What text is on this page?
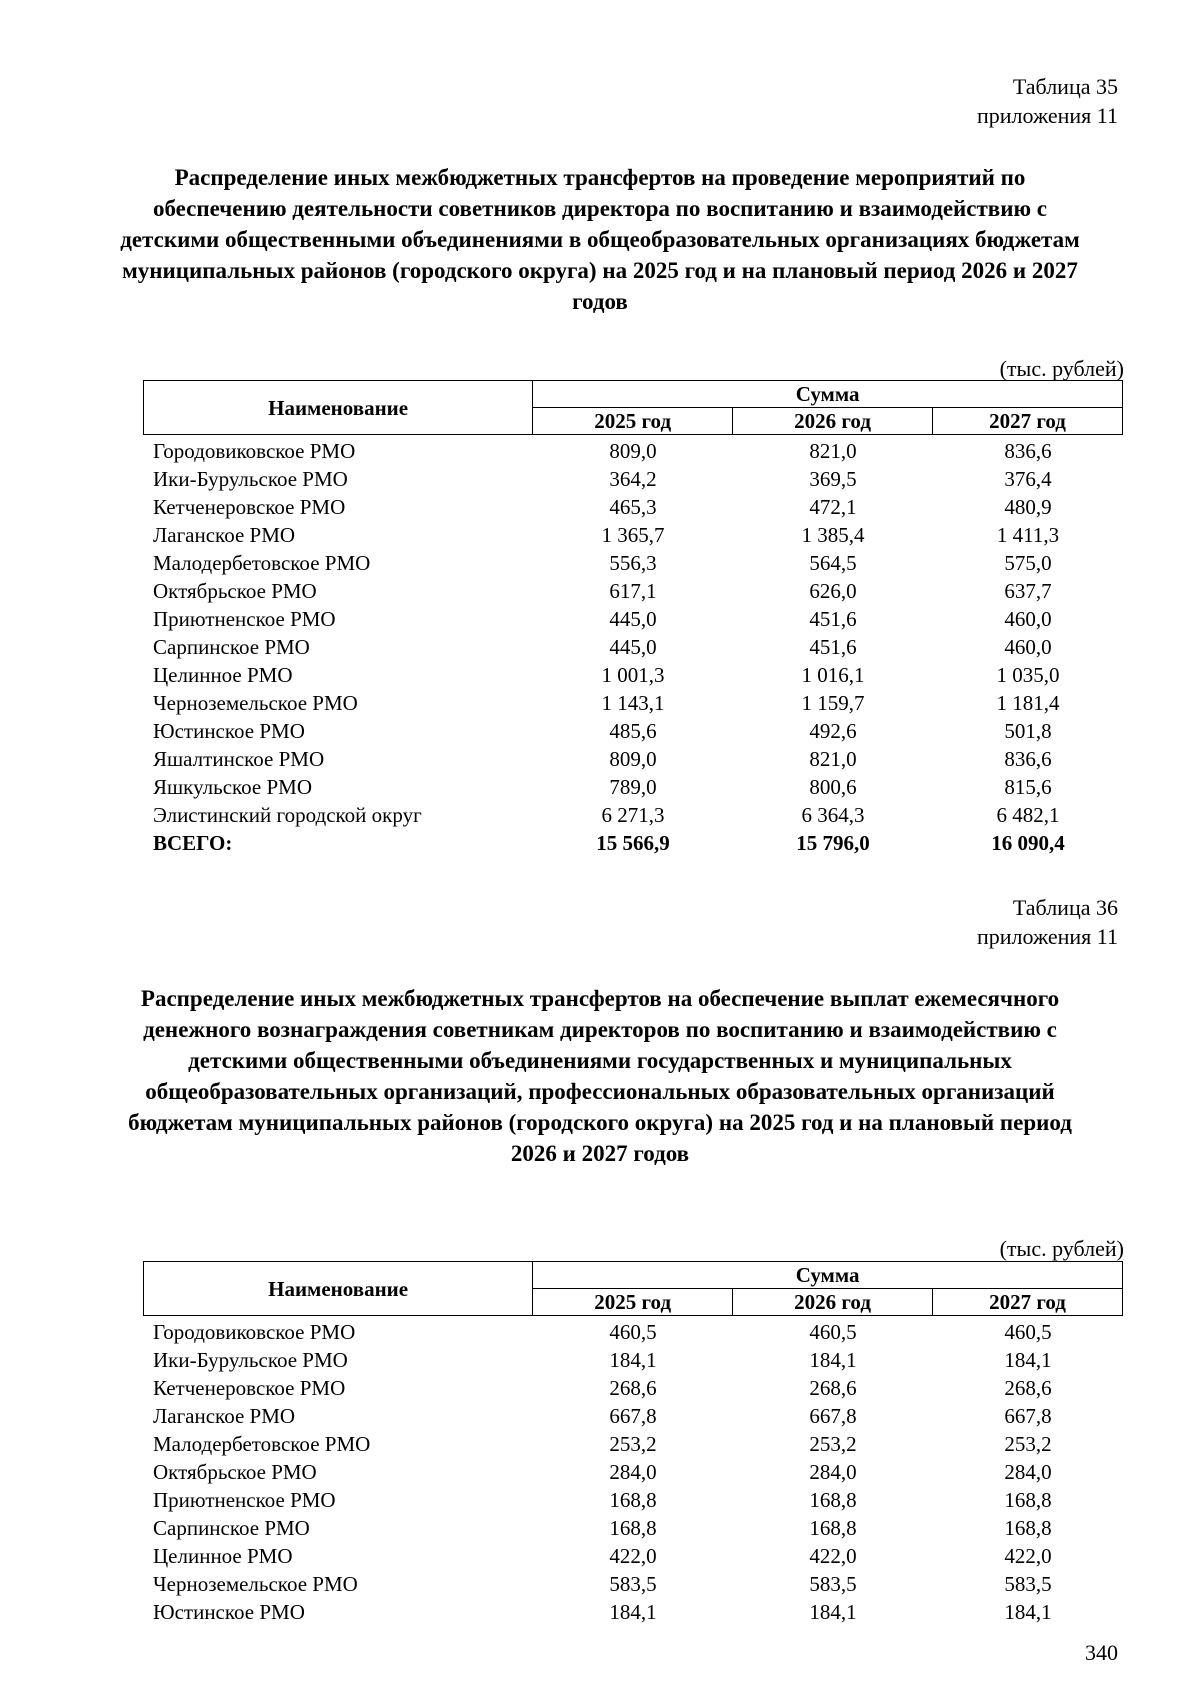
Таблица 35
приложения 11
Распределение иных межбюджетных трансфертов на проведение мероприятий по обеспечению деятельности советников директора по воспитанию и взаимодействию с детскими общественными объединениями в общеобразовательных организациях бюджетам муниципальных районов (городского округа) на 2025 год и на плановый период 2026 и 2027 годов
(тыс. рублей)
Наименование	Сумма		
	2025 год	2026 год	2027 год
Городовиковское РМО	809,0	821,0	836,6
Ики-Бурульское РМО	364,2	369,5	376,4
Кетченеровское РМО	465,3	472,1	480,9
Лаганское РМО	1 365,7	1 385,4	1 411,3
Малодербетовское РМО	556,3	564,5	575,0
Октябрьское РМО	617,1	626,0	637,7
Приютненское РМО	445,0	451,6	460,0
Сарпинское РМО	445,0	451,6	460,0
Целинное РМО	1 001,3	1 016,1	1 035,0
Черноземельское РМО	1 143,1	1 159,7	1 181,4
Юстинское РМО	485,6	492,6	501,8
Яшалтинское РМО	809,0	821,0	836,6
Яшкульское РМО	789,0	800,6	815,6
Элистинский городской округ	6 271,3	6 364,3	6 482,1
ВСЕГО:	15 566,9	15 796,0	16 090,4
Таблица 36
приложения 11
Распределение иных межбюджетных трансфертов на обеспечение выплат ежемесячного денежного вознаграждения советникам директоров по воспитанию и взаимодействию с детскими общественными объединениями государственных и муниципальных общеобразовательных организаций, профессиональных образовательных организаций бюджетам муниципальных районов (городского округа) на 2025 год и на плановый период 2026 и 2027 годов
(тыс. рублей)
Наименование	Сумма		
	2025 год	2026 год	2027 год
Городовиковское РМО	460,5	460,5	460,5
Ики-Бурульское РМО	184,1	184,1	184,1
Кетченеровское РМО	268,6	268,6	268,6
Лаганское РМО	667,8	667,8	667,8
Малодербетовское РМО	253,2	253,2	253,2
Октябрьское РМО	284,0	284,0	284,0
Приютненское РМО	168,8	168,8	168,8
Сарпинское РМО	168,8	168,8	168,8
Целинное РМО	422,0	422,0	422,0
Черноземельское РМО	583,5	583,5	583,5
Юстинское РМО	184,1	184,1	184,1
340
